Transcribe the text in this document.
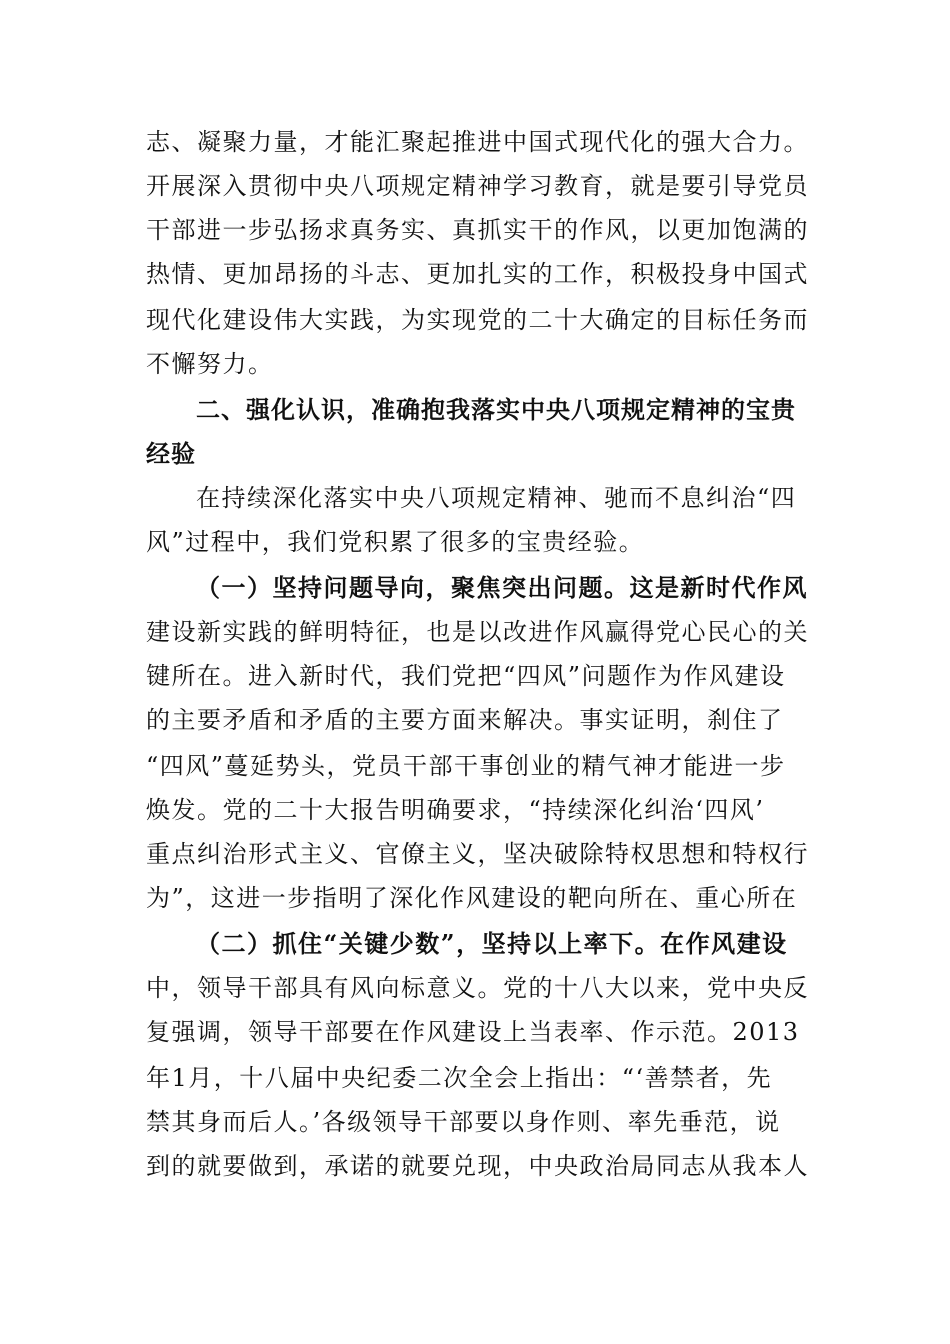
志、凝聚力量，才能汇聚起推进中国式现代化的强大合力。
开展深入贯彻中央八项规定精神学习教育，就是要引导党员
干部进一步弘扬求真务实、真抓实干的作风，以更加饱满的
热情、更加昂扬的斗志、更加扎实的工作，积极投身中国式
现代化建设伟大实践，为实现党的二十大确定的目标任务而
不懈努力。
二、强化认识，准确抱我落实中央八项规定精神的宝贵
经验
在持续深化落实中央八项规定精神、驰而不息纠治“四
风”过程中，我们党积累了很多的宝贵经验。
（一）坚持问题导向，聚焦突出问题。这是新时代作风
建设新实践的鲜明特征，也是以改进作风赢得党心民心的关
键所在。进入新时代，我们党把“四风”问题作为作风建设
的主要矛盾和矛盾的主要方面来解决。事实证明，刹住了
“四风”蔓延势头，党员干部干事创业的精气神才能进一步
焕发。党的二十大报告明确要求，“持续深化纠治‘四风’
重点纠治形式主义、官僚主义，坚决破除特权思想和特权行
为”，这进一步指明了深化作风建设的靶向所在、重心所在
（二）抓住“关键少数”，坚持以上率下。在作风建设
中，领导干部具有风向标意义。党的十八大以来，党中央反
复强调，领导干部要在作风建设上当表率、作示范。2013
年1月，十八届中央纪委二次全会上指出：“‘善禁者，先
禁其身而后人。’各级领导干部要以身作则、率先垂范，说
到的就要做到，承诺的就要兑现，中央政治局同志从我本人
